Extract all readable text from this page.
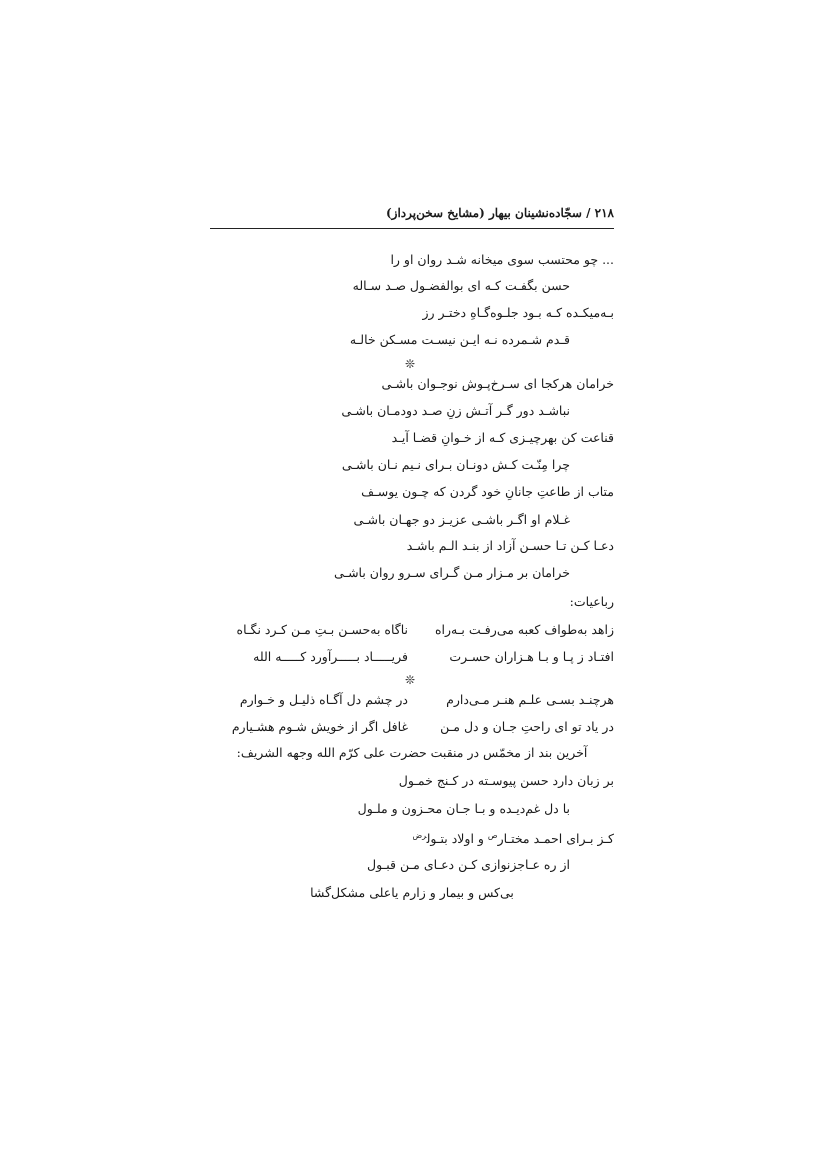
۲۱۸ / سجّاده‌نشینان بیهار (مشایخ سخن‌پرداز)
... چو محتسب سوی میخانه شـد روان او را
حسن بگفـت کـه ای بوالفضـول صـد سـاله
بـه‌میکـده کـه بـود جلـوه‌گـاهِ دختـر رز
قـدم شـمرده نـه ایـن نیسـت مسـکن خالـه
❊
خرامان هرکجا ای سـرخ‌پـوش نوجـوان باشـی
نباشـد دور گـر آتـش زنِ صـد دودمـان باشـی
قناعت کن بهرچیـزی کـه از خـوانِ قضـا آیـد
چرا مِنّـت کـش دونـان بـرای نـیم نـان باشـی
متاب از طاعتِ جانانِ خود گردن که چـون یوسـف
غـلام او اگـر باشـی عزیـز دو جهـان باشـی
دعـا کـن تـا حسـن آزاد از بنـد الـم باشـد
خرامان بر مـزار مـن گـرای سـرو روان باشـی
رباعیات:
زاهد به‌طواف کعبه می‌رفـت بـه‌راه
ناگاه به‌حسـن بـتِ مـن کـرد نگـاه
افتـاد ز پـا و بـا هـزاران حسـرت
فریـــــاد بـــــرآورد کـــــه الله
❊
هرچنـد بسـی علـم هنـر مـی‌دارم
در چشم دل آگـاه ذلیـل و خـوارم
در یاد تو ای راحتِ جـان و دل مـن
غافل اگر از خویش شـوم هشـیارم
آخرین بند از مخمّس در منقبت حضرت علی کرّم الله وجهه الشریف:
بر زبان دارد حسن پیوسـته در کـنج خمـول
با دل غم‌دیـده و بـا جـان محـزون و ملـول
کـز بـرای احمـد مختـار$^ص$ و اولاد بتـول$^{رض}$
از ره عـاجزنوازی کـن دعـای مـن قبـول
بی‌کس و بیمار و زارم یاعلی مشکل‌گشا
